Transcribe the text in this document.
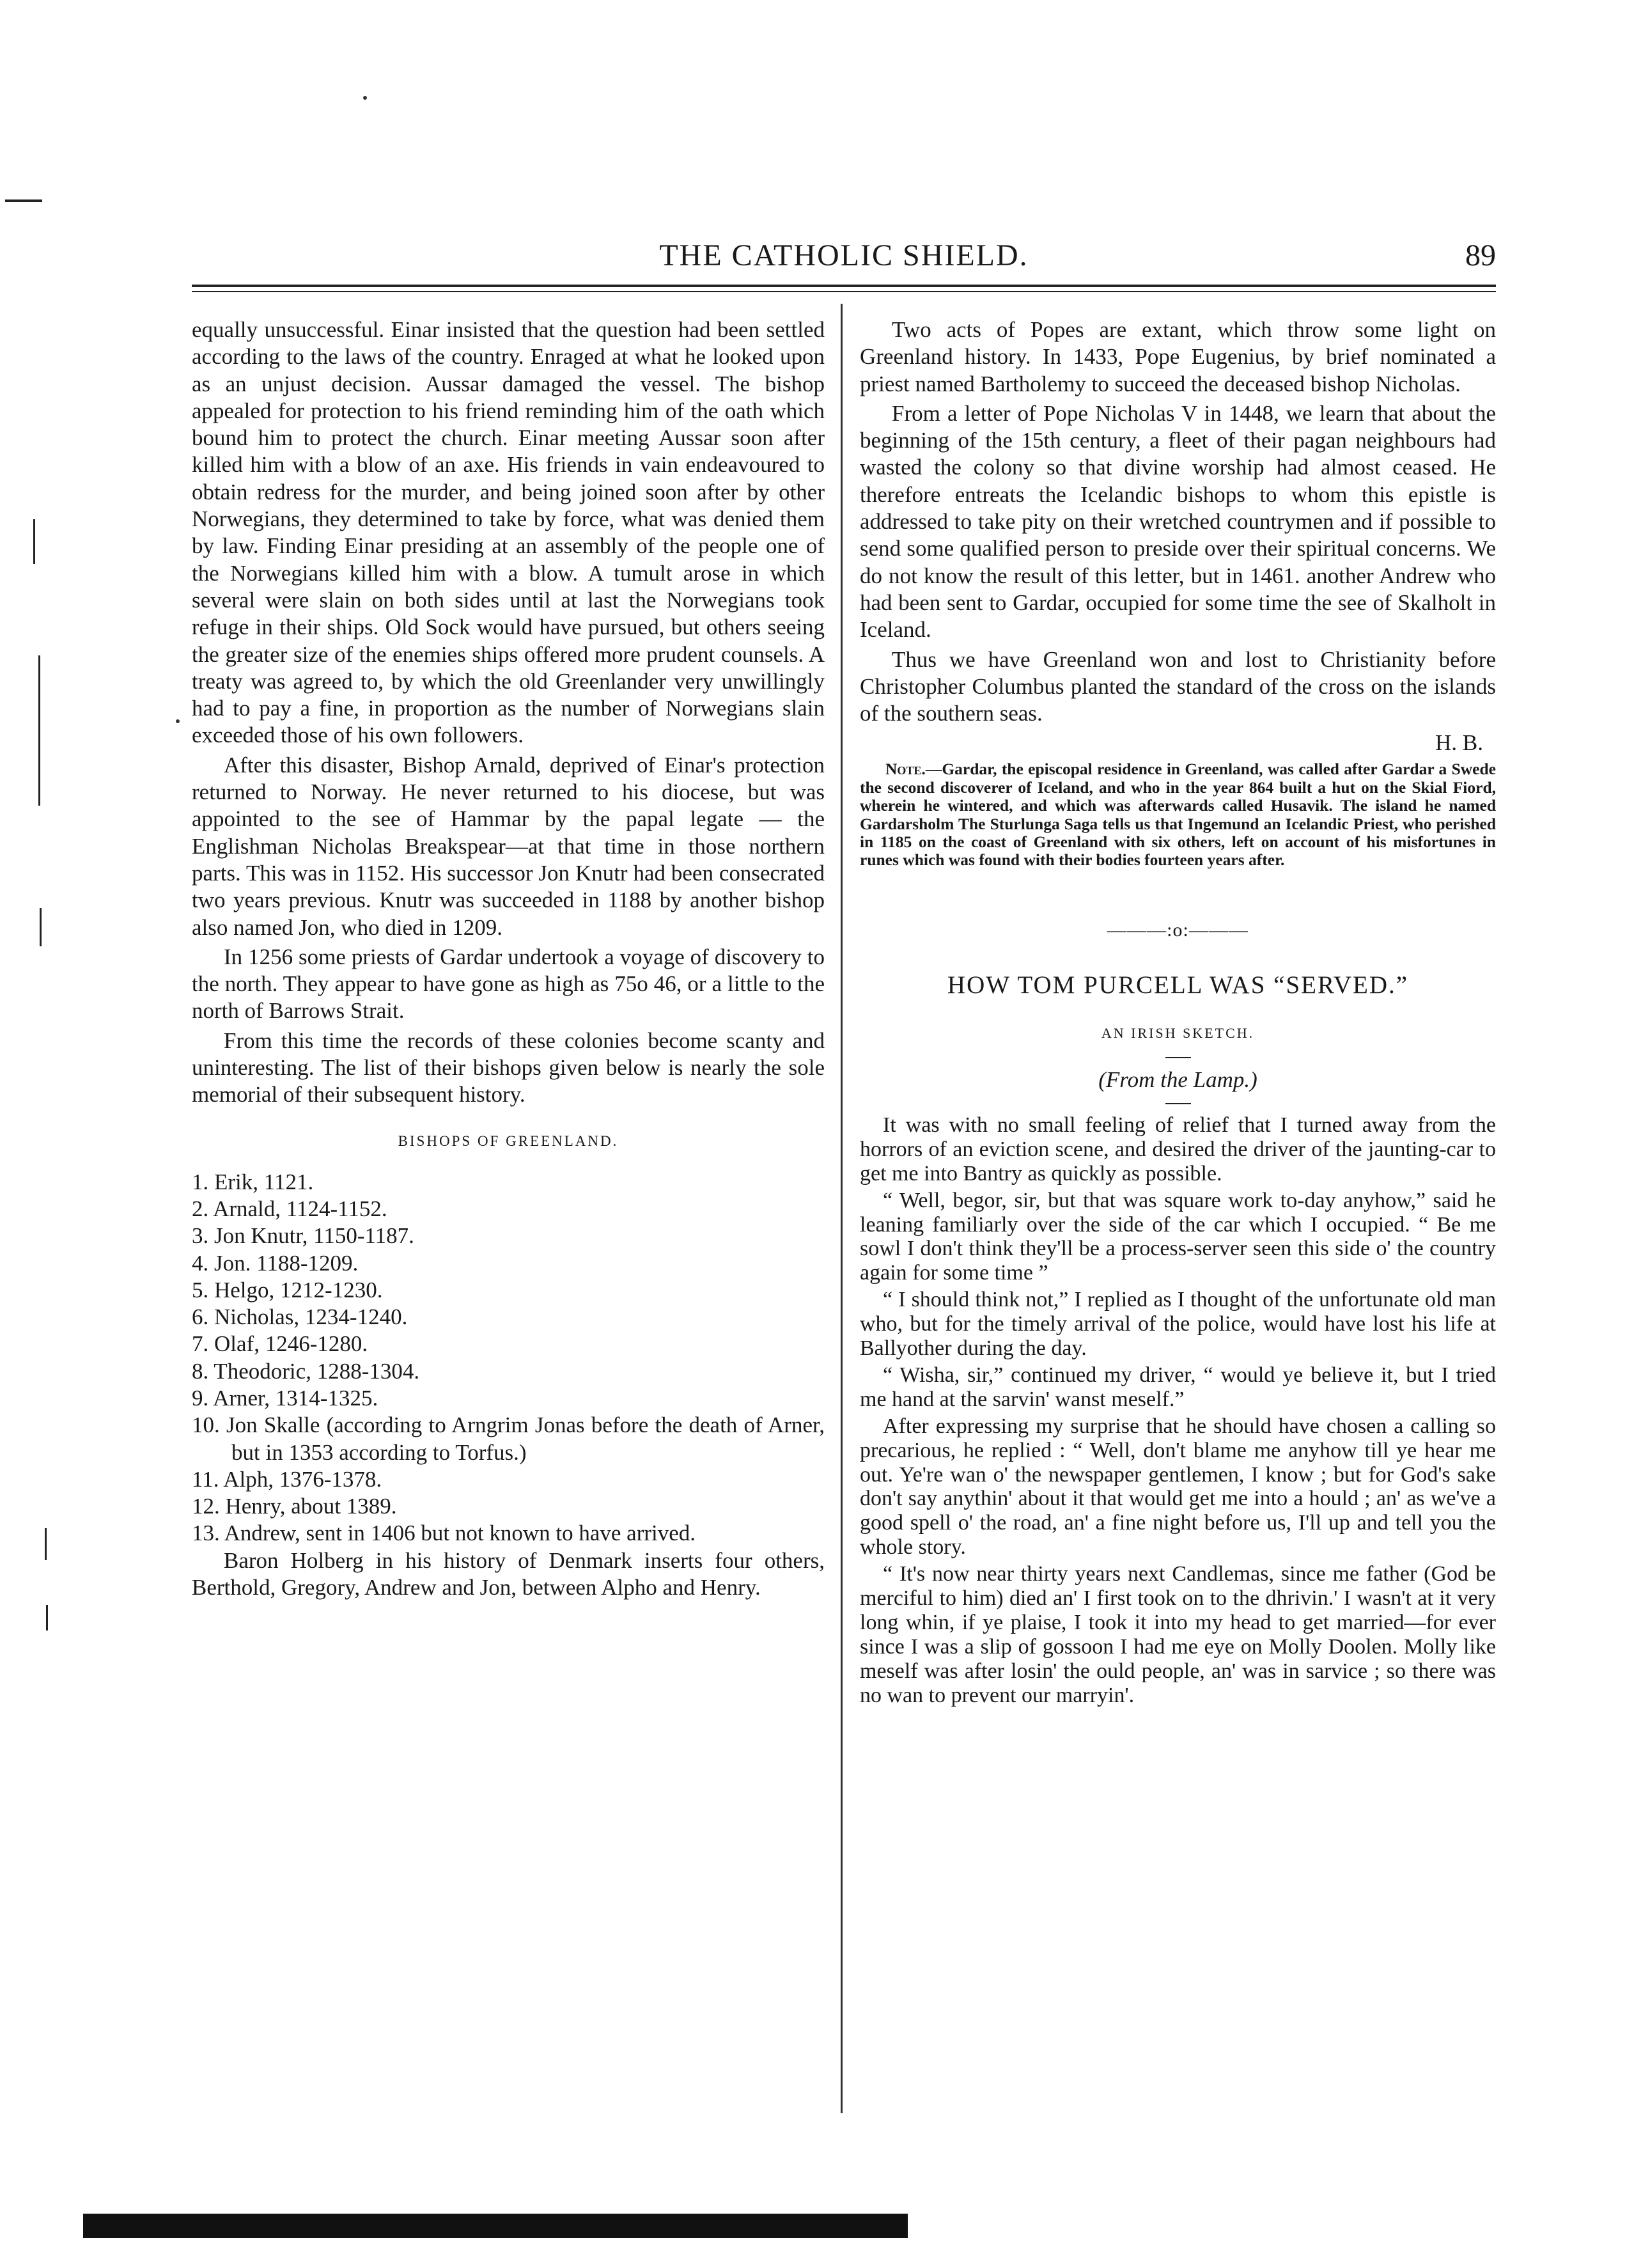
THE CATHOLIC SHIELD.	89

equally unsuccessful. Einar insisted that the question had been settled according to the laws of the country. Enraged at what he looked upon as an unjust decision. Aussar damaged the vessel. The bishop appealed for protection to his friend reminding him of the oath which bound him to protect the church. Einar meeting Aussar soon after killed him with a blow of an axe. His friends in vain endeavoured to obtain redress for the murder, and being joined soon after by other Norwegians, they determined to take by force, what was denied them by law. Finding Einar presiding at an assembly of the people one of the Norwegians killed him with a blow. A tumult arose in which several were slain on both sides until at last the Norwegians took refuge in their ships. Old Sock would have pursued, but others seeing the greater size of the enemies ships offered more prudent counsels. A treaty was agreed to, by which the old Greenlander very unwillingly had to pay a fine, in proportion as the number of Norwegians slain exceeded those of his own followers.

After this disaster, Bishop Arnald, deprived of Einar's protection returned to Norway. He never returned to his diocese, but was appointed to the see of Hammar by the papal legate — the Englishman Nicholas Breakspear—at that time in those northern parts. This was in 1152. His successor Jon Knutr had been consecrated two years previous. Knutr was succeeded in 1188 by another bishop also named Jon, who died in 1209.

In 1256 some priests of Gardar undertook a voyage of discovery to the north. They appear to have gone as high as 75o 46, or a little to the north of Barrows Strait.

From this time the records of these colonies become scanty and uninteresting. The list of their bishops given below is nearly the sole memorial of their subsequent history.

BISHOPS OF GREENLAND.
1. Erik, 1121.
2. Arnald, 1124-1152.
3. Jon Knutr, 1150-1187.
4. Jon. 1188-1209.
5. Helgo, 1212-1230.
6. Nicholas, 1234-1240.
7. Olaf, 1246-1280.
8. Theodoric, 1288-1304.
9. Arner, 1314-1325.
10. Jon Skalle (according to Arngrim Jonas before the death of Arner, but in 1353 according to Torfus.)
11. Alph, 1376-1378.
12. Henry, about 1389.
13. Andrew, sent in 1406 but not known to have arrived.

Baron Holberg in his history of Denmark inserts four others, Berthold, Gregory, Andrew and Jon, between Alpho and Henry.

Two acts of Popes are extant, which throw some light on Greenland history. In 1433, Pope Eugenius, by brief nominated a priest named Bartholemy to succeed the deceased bishop Nicholas.

From a letter of Pope Nicholas V in 1448, we learn that about the beginning of the 15th century, a fleet of their pagan neighbours had wasted the colony so that divine worship had almost ceased. He therefore entreats the Icelandic bishops to whom this epistle is addressed to take pity on their wretched countrymen and if possible to send some qualified person to preside over their spiritual concerns. We do not know the result of this letter, but in 1461. another Andrew who had been sent to Gardar, occupied for some time the see of Skalholt in Iceland.

Thus we have Greenland won and lost to Christianity before Christopher Columbus planted the standard of the cross on the islands of the southern seas.

H. B.

Note.—Gardar, the episcopal residence in Greenland, was called after Gardar a Swede the second discoverer of Iceland, and who in the year 864 built a hut on the Skial Fiord, wherein he wintered, and which was afterwards called Husavik. The island he named Gardarsholm The Sturlunga Saga tells us that Ingemund an Icelandic Priest, who perished in 1185 on the coast of Greenland with six others, left on account of his misfortunes in runes which was found with their bodies fourteen years after.

———:o:———
HOW TOM PURCELL WAS “SERVED.”
AN IRISH SKETCH.
(From the Lamp.)

It was with no small feeling of relief that I turned away from the horrors of an eviction scene, and desired the driver of the jaunting-car to get me into Bantry as quickly as possible.

“ Well, begor, sir, but that was square work to-day anyhow,” said he leaning familiarly over the side of the car which I occupied. “ Be me sowl I don't think they'll be a process-server seen this side o' the country again for some time ”

“ I should think not,” I replied as I thought of the unfortunate old man who, but for the timely arrival of the police, would have lost his life at Ballyother during the day.

“ Wisha, sir,” continued my driver, “ would ye believe it, but I tried me hand at the sarvin' wanst meself.”

After expressing my surprise that he should have chosen a calling so precarious, he replied : “ Well, don't blame me anyhow till ye hear me out. Ye're wan o' the newspaper gentlemen, I know ; but for God's sake don't say anythin' about it that would get me into a hould ; an' as we've a good spell o' the road, an' a fine night before us, I'll up and tell you the whole story.

“ It's now near thirty years next Candlemas, since me father (God be merciful to him) died an' I first took on to the dhrivin.' I wasn't at it very long whin, if ye plaise, I took it into my head to get married—for ever since I was a slip of gossoon I had me eye on Molly Doolen. Molly like meself was after losin' the ould people, an' was in sarvice ; so there was no wan to prevent our marryin'.
